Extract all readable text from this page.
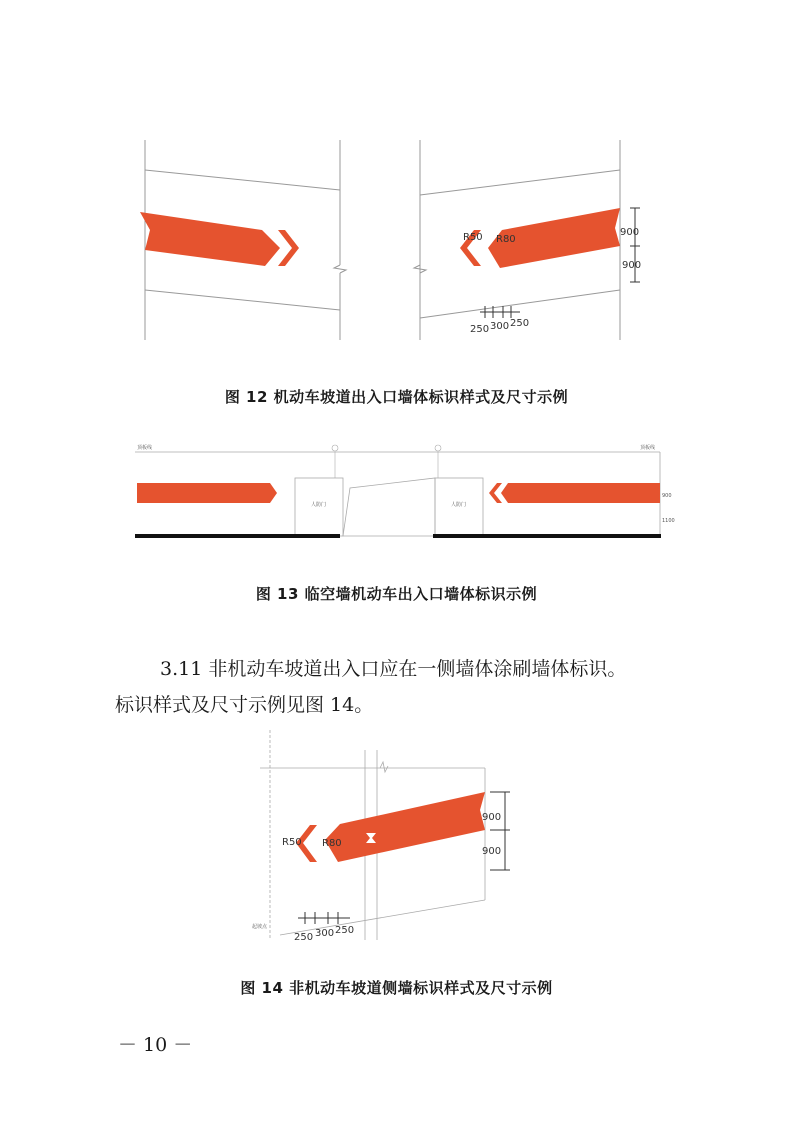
R50 R80
900
900
250 300 250
图 12 机动车坡道出入口墙体标识样式及尺寸示例
顶板线	顶板线
人防门	人防门
900
1100
图 13 临空墙机动车出入口墙体标识示例
3.11 非机动车坡道出入口应在一侧墙体涂刷墙体标识。
标识样式及尺寸示例见图 14。
R50 R80
900
900
250 300 250
起坡点
图 14 非机动车坡道侧墙标识样式及尺寸示例
－ 10 －
